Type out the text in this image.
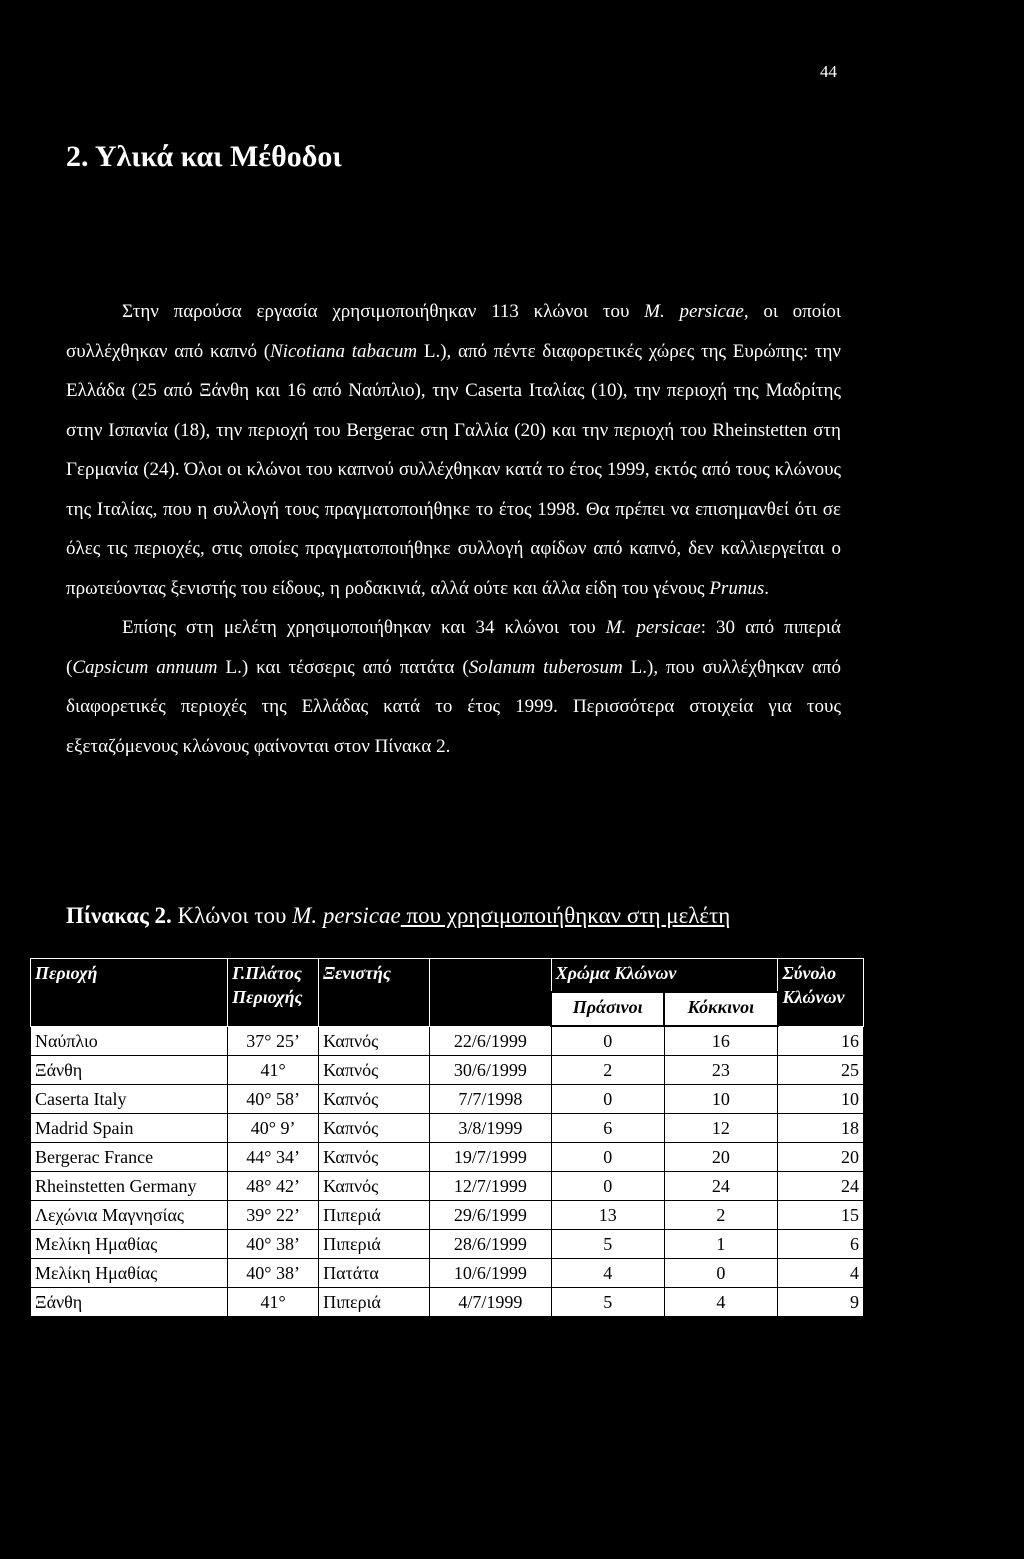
44
2. Υλικά και Μέθοδοι

Στην παρούσα εργασία χρησιμοποιήθηκαν 113 κλώνοι του M. persicae, οι οποίοι συλλέχθηκαν από καπνό (Nicotiana tabacum L.), από πέντε διαφορετικές χώρες της Ευρώπης: την Ελλάδα (25 από Ξάνθη και 16 από Ναύπλιο), την Caserta Ιταλίας (10), την περιοχή της Μαδρίτης στην Ισπανία (18), την περιοχή του Bergerac στη Γαλλία (20) και την περιοχή του Rheinstetten στη Γερμανία (24). Όλοι οι κλώνοι του καπνού συλλέχθηκαν κατά το έτος 1999, εκτός από τους κλώνους της Ιταλίας, που η συλλογή τους πραγματοποιήθηκε το έτος 1998. Θα πρέπει να επισημανθεί ότι σε όλες τις περιοχές, στις οποίες πραγματοποιήθηκε συλλογή αφίδων από καπνό, δεν καλλιεργείται ο πρωτεύοντας ξενιστής του είδους, η ροδακινιά, αλλά ούτε και άλλα είδη του γένους Prunus.

Επίσης στη μελέτη χρησιμοποιήθηκαν και 34 κλώνοι του M. persicae: 30 από πιπεριά (Capsicum annuum L.) και τέσσερις από πατάτα (Solanum tuberosum L.), που συλλέχθηκαν από διαφορετικές περιοχές της Ελλάδας κατά το έτος 1999. Περισσότερα στοιχεία για τους εξεταζόμενους κλώνους φαίνονται στον Πίνακα 2.

Πίνακας 2. Κλώνοι του M. persicae που χρησιμοποιήθηκαν στη μελέτη
Περιοχή	Γ.Πλάτος Περιοχής	Ξενιστής		Χρώμα Κλώνων		Σύνολο Κλώνων
				Πράσινοι	Κόκκινοι	
Ναύπλιο	37° 25’	Καπνός	22/6/1999	0	16	16
Ξάνθη	41°	Καπνός	30/6/1999	2	23	25
Caserta Italy	40° 58’	Καπνός	7/7/1998	0	10	10
Madrid Spain	40° 9’	Καπνός	3/8/1999	6	12	18
Bergerac France	44° 34’	Καπνός	19/7/1999	0	20	20
Rheinstetten Germany	48° 42’	Καπνός	12/7/1999	0	24	24
Λεχώνια Μαγνησίας	39° 22’	Πιπεριά	29/6/1999	13	2	15
Μελίκη Ημαθίας	40° 38’	Πιπεριά	28/6/1999	5	1	6
Μελίκη Ημαθίας	40° 38’	Πατάτα	10/6/1999	4	0	4
Ξάνθη	41°	Πιπεριά	4/7/1999	5	4	9
